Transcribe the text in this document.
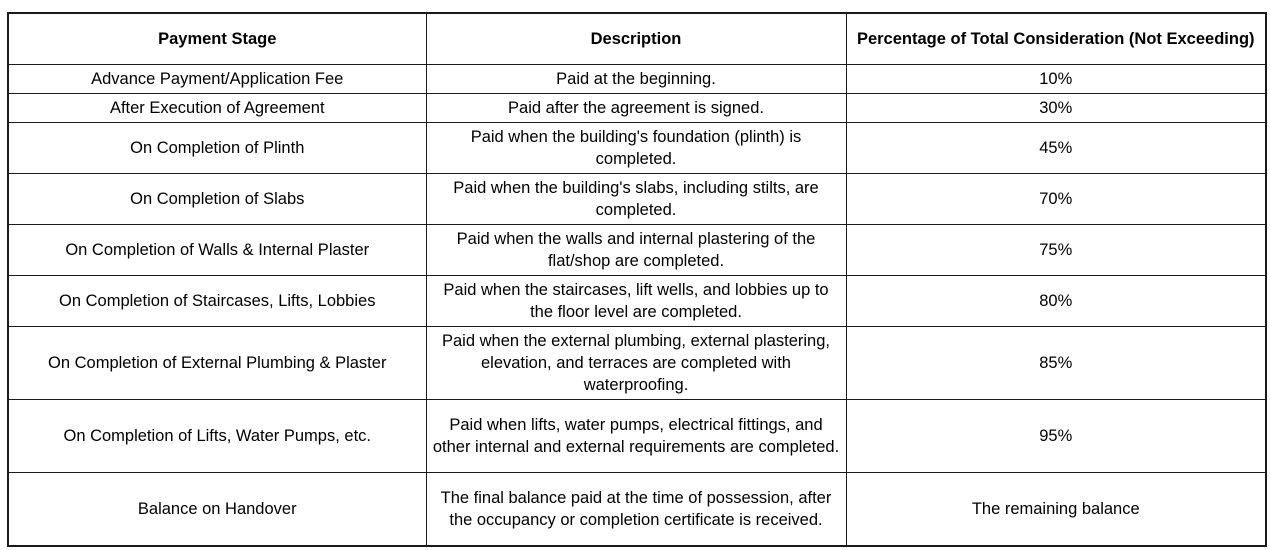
Payment Stage	Description	Percentage of Total Consideration (Not Exceeding)
Advance Payment/Application Fee	Paid at the beginning.	10%
After Execution of Agreement	Paid after the agreement is signed.	30%
On Completion of Plinth	Paid when the building's foundation (plinth) is completed.	45%
On Completion of Slabs	Paid when the building's slabs, including stilts, are completed.	70%
On Completion of Walls & Internal Plaster	Paid when the walls and internal plastering of the flat/shop are completed.	75%
On Completion of Staircases, Lifts, Lobbies	Paid when the staircases, lift wells, and lobbies up to the floor level are completed.	80%
On Completion of External Plumbing & Plaster	Paid when the external plumbing, external plastering, elevation, and terraces are completed with waterproofing.	85%
On Completion of Lifts, Water Pumps, etc.	Paid when lifts, water pumps, electrical fittings, and other internal and external requirements are completed.	95%
Balance on Handover	The final balance paid at the time of possession, after the occupancy or completion certificate is received.	The remaining balance
